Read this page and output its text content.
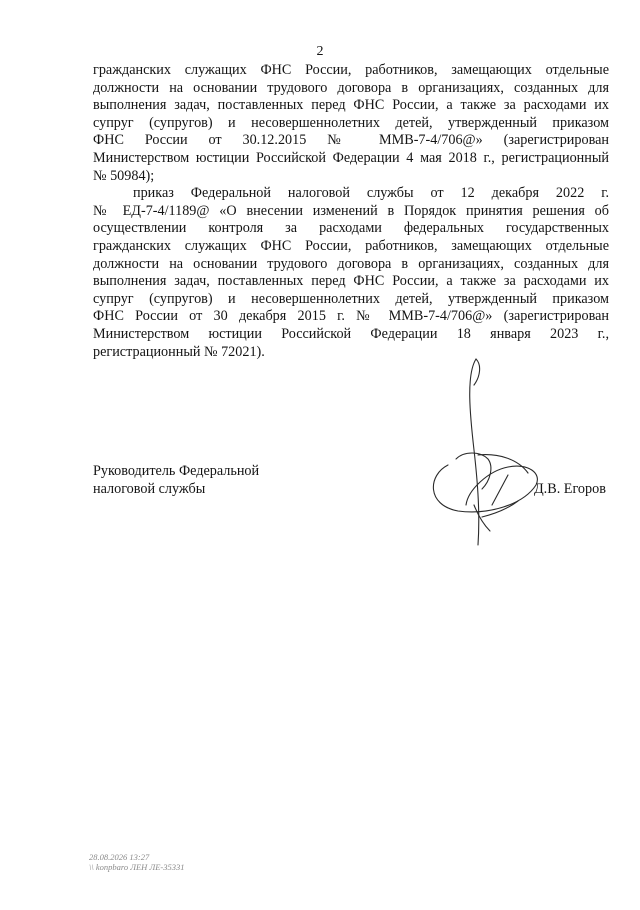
2
гражданских служащих ФНС России, работников, замещающих отдельные
должности на основании трудового договора в организациях, созданных для
выполнения задач, поставленных перед ФНС России, а также за расходами их
супруг (супругов) и несовершеннолетних детей, утвержденный приказом
ФНС России от 30.12.2015 № ММВ-7-4/706@» (зарегистрирован
Министерством юстиции Российской Федерации 4 мая 2018 г., регистрационный
№ 50984);
приказ Федеральной налоговой службы от 12 декабря 2022 г.
№ ЕД-7-4/1189@ «О внесении изменений в Порядок принятия решения об
осуществлении контроля за расходами федеральных государственных
гражданских служащих ФНС России, работников, замещающих отдельные
должности на основании трудового договора в организациях, созданных для
выполнения задач, поставленных перед ФНС России, а также за расходами их
супруг (супругов) и несовершеннолетних детей, утвержденный приказом
ФНС России от 30 декабря 2015 г. № ММВ-7-4/706@» (зарегистрирован
Министерством юстиции Российской Федерации 18 января 2023 г.,
регистрационный № 72021).
Руководитель Федеральной
налоговой службы	Д.В. Егоров
28.08.2026 13:27
\\ konpbaro ЛЕН ЛЕ-35331
